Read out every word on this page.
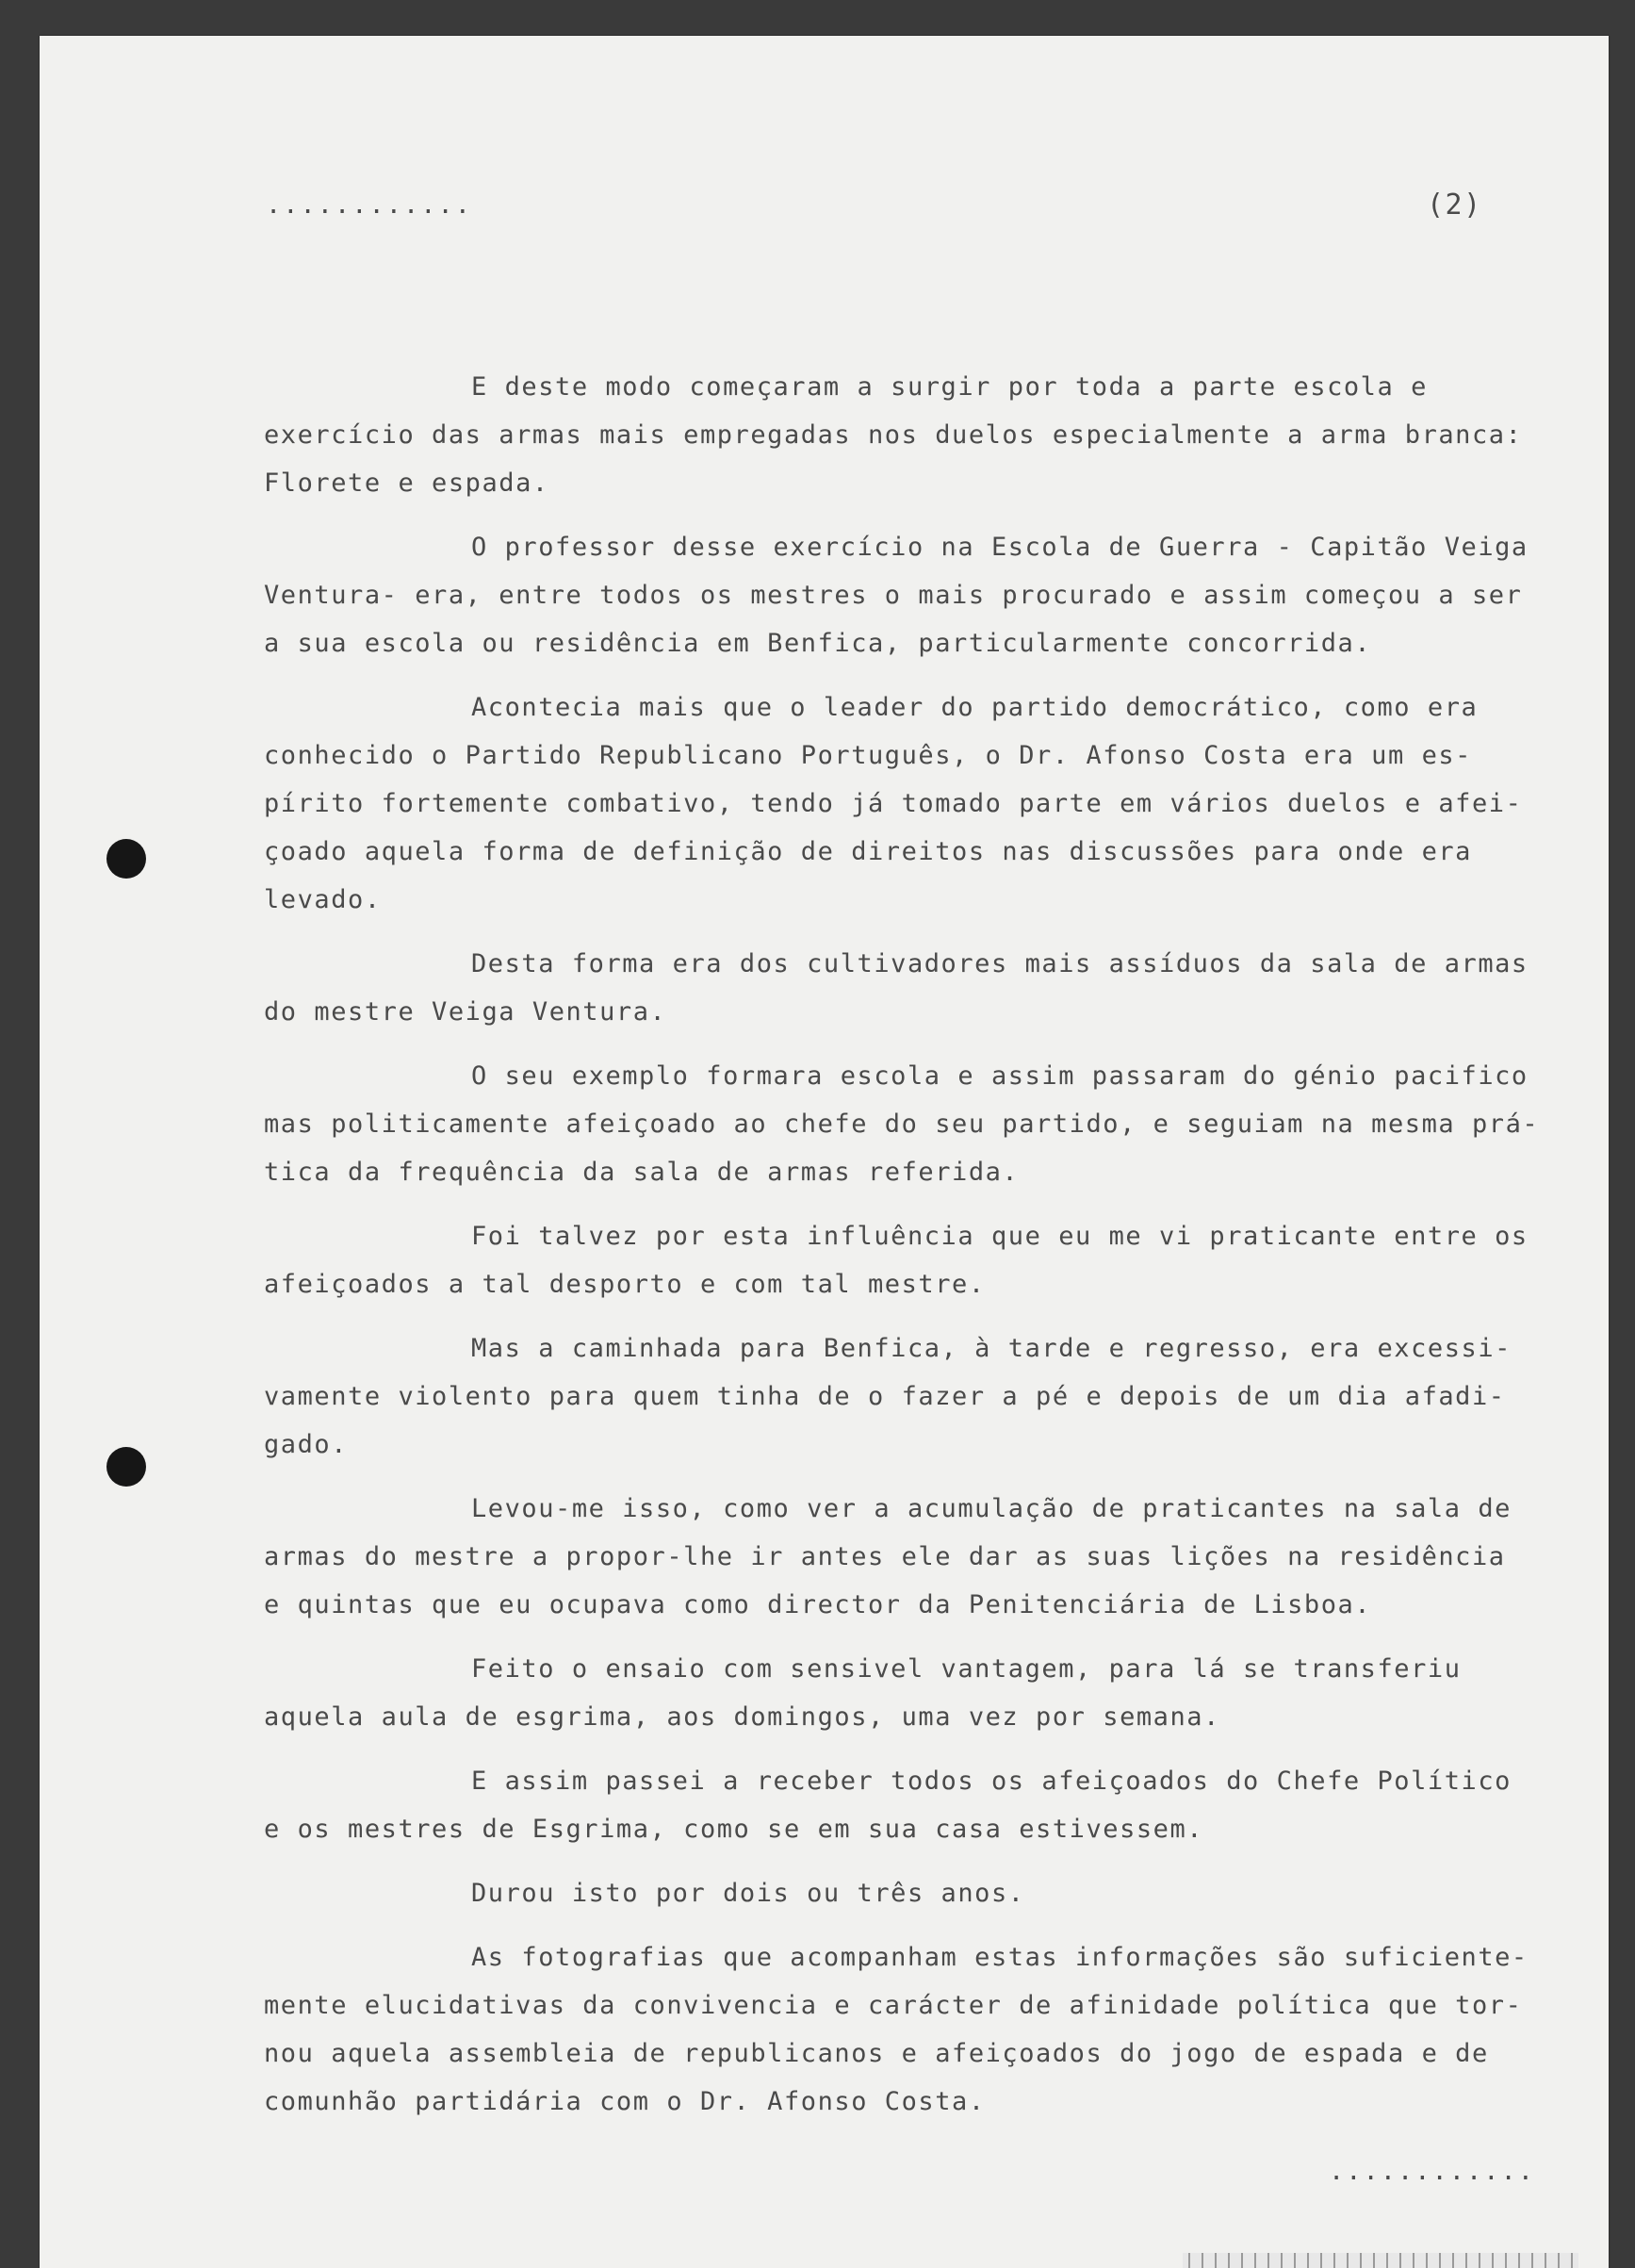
............	(2)
E deste modo começaram a surgir por toda a parte escola e
exercício das armas mais empregadas nos duelos especialmente a arma branca:
Florete e espada.
O professor desse exercício na Escola de Guerra - Capitão Veiga
Ventura- era, entre todos os mestres o mais procurado e assim começou a ser
a sua escola ou residência em Benfica, particularmente concorrida.
Acontecia mais que o leader do partido democrático, como era
conhecido o Partido Republicano Português, o Dr. Afonso Costa era um es-
pírito fortemente combativo, tendo já tomado parte em vários duelos e afei-
çoado aquela forma de definição de direitos nas discussões para onde era
levado.
Desta forma era dos cultivadores mais assíduos da sala de armas
do mestre Veiga Ventura.
O seu exemplo formara escola e assim passaram do génio pacifico
mas politicamente afeiçoado ao chefe do seu partido, e seguiam na mesma prá-
tica da frequência da sala de armas referida.
Foi talvez por esta influência que eu me vi praticante entre os
afeiçoados a tal desporto e com tal mestre.
Mas a caminhada para Benfica, à tarde e regresso, era excessi-
vamente violento para quem tinha de o fazer a pé e depois de um dia afadi-
gado.
Levou-me isso, como ver a acumulação de praticantes na sala de
armas do mestre a propor-lhe ir antes ele dar as suas lições na residência
e quintas que eu ocupava como director da Penitenciária de Lisboa.
Feito o ensaio com sensivel vantagem, para lá se transferiu
aquela aula de esgrima, aos domingos, uma vez por semana.
E assim passei a receber todos os afeiçoados do Chefe Político
e os mestres de Esgrima, como se em sua casa estivessem.
Durou isto por dois ou três anos.
As fotografias que acompanham estas informações são suficiente-
mente elucidativas da convivencia e carácter de afinidade política que tor-
nou aquela assembleia de republicanos e afeiçoados do jogo de espada e de
comunhão partidária com o Dr. Afonso Costa.
............
